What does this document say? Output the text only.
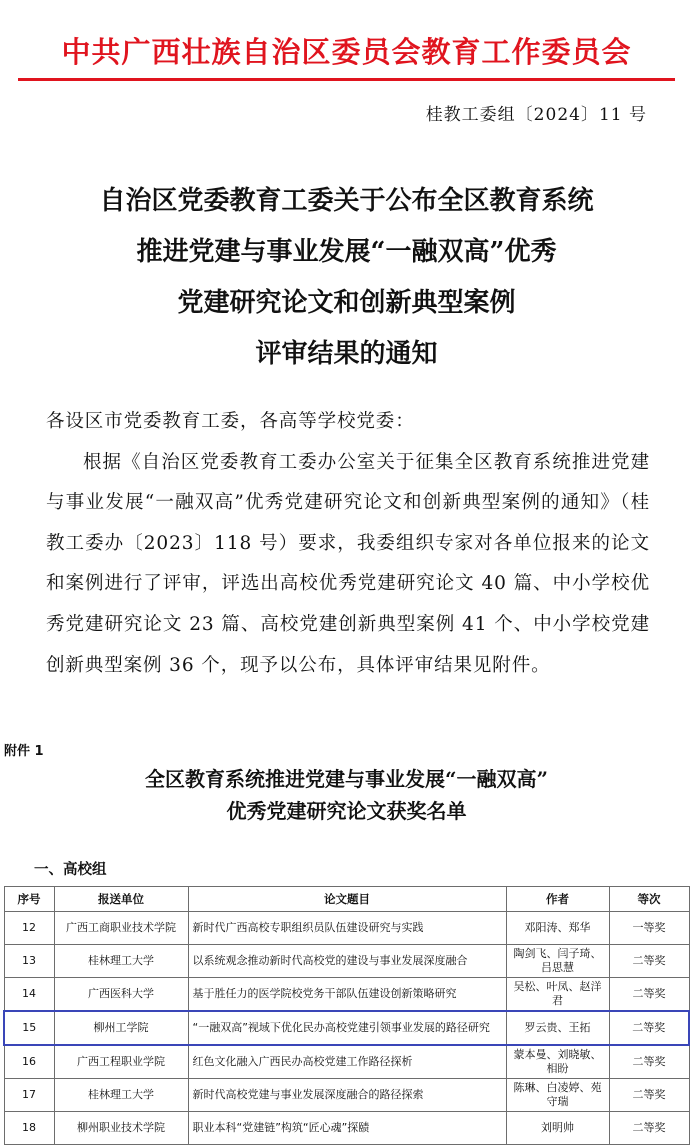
中共广西壮族自治区委员会教育工作委员会
桂教工委组〔2024〕11 号
自治区党委教育工委关于公布全区教育系统
推进党建与事业发展“一融双高”优秀
党建研究论文和创新典型案例
评审结果的通知

各设区市党委教育工委，各高等学校党委：

根据《自治区党委教育工委办公室关于征集全区教育系统推进党建与事业发展“一融双高”优秀党建研究论文和创新典型案例的通知》（桂教工委办〔2023〕118 号）要求，我委组织专家对各单位报来的论文和案例进行了评审，评选出高校优秀党建研究论文 40 篇、中小学校优秀党建研究论文 23 篇、高校党建创新典型案例 41 个、中小学校党建创新典型案例 36 个，现予以公布，具体评审结果见附件。

附件 1
全区教育系统推进党建与事业发展“一融双高”
优秀党建研究论文获奖名单
一、高校组
序号	报送单位	论文题目	作者	等次
12	广西工商职业技术学院	新时代广西高校专职组织员队伍建设研究与实践	邓阳涛、郑华	一等奖
13	桂林理工大学	以系统观念推动新时代高校党的建设与事业发展深度融合	陶剑飞、闫子琦、吕思慧	二等奖
14	广西医科大学	基于胜任力的医学院校党务干部队伍建设创新策略研究	吴松、叶凤、赵洋君	二等奖
15	柳州工学院	“一融双高”视域下优化民办高校党建引领事业发展的路径研究	罗云贵、王拓	二等奖
16	广西工程职业学院	红色文化融入广西民办高校党建工作路径探析	蒙本曼、刘晓敏、相盼	二等奖
17	桂林理工大学	新时代高校党建与事业发展深度融合的路径探索	陈琳、白凌婷、苑守瑞	二等奖
18	柳州职业技术学院	职业本科“党建链”构筑“匠心魂”探赜	刘明帅	二等奖
